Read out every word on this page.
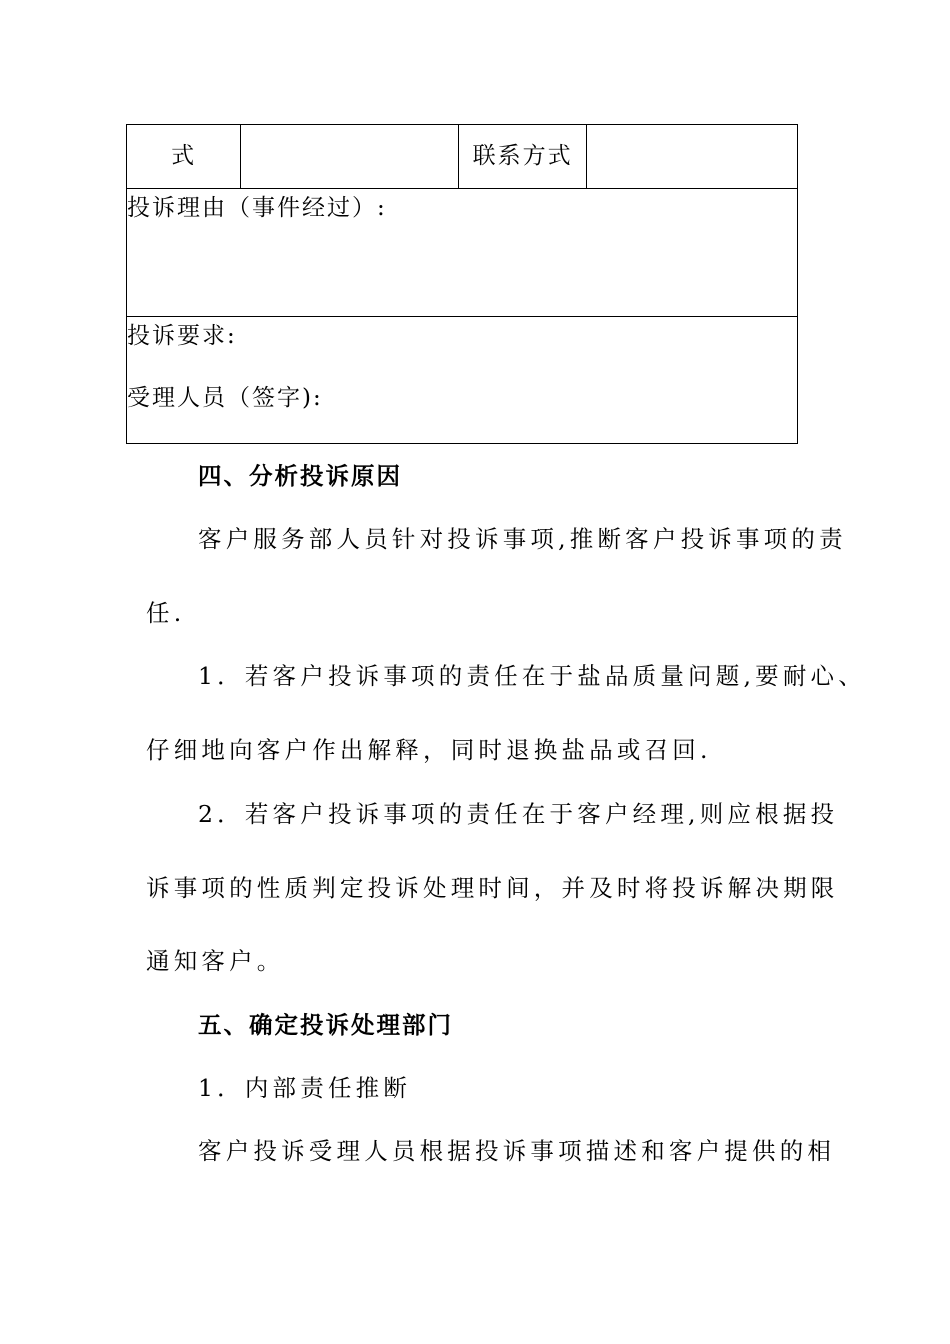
式		联系方式	
投诉理由（事件经过）:

投诉要求:
受理人员（签字):

四、分析投诉原因

客户服务部人员针对投诉事项,推断客户投诉事项的责

任.

1．若客户投诉事项的责任在于盐品质量问题,要耐心、

仔细地向客户作出解释，同时退换盐品或召回.

2．若客户投诉事项的责任在于客户经理,则应根据投

诉事项的性质判定投诉处理时间，并及时将投诉解决期限

通知客户。

五、确定投诉处理部门

1．内部责任推断

客户投诉受理人员根据投诉事项描述和客户提供的相
